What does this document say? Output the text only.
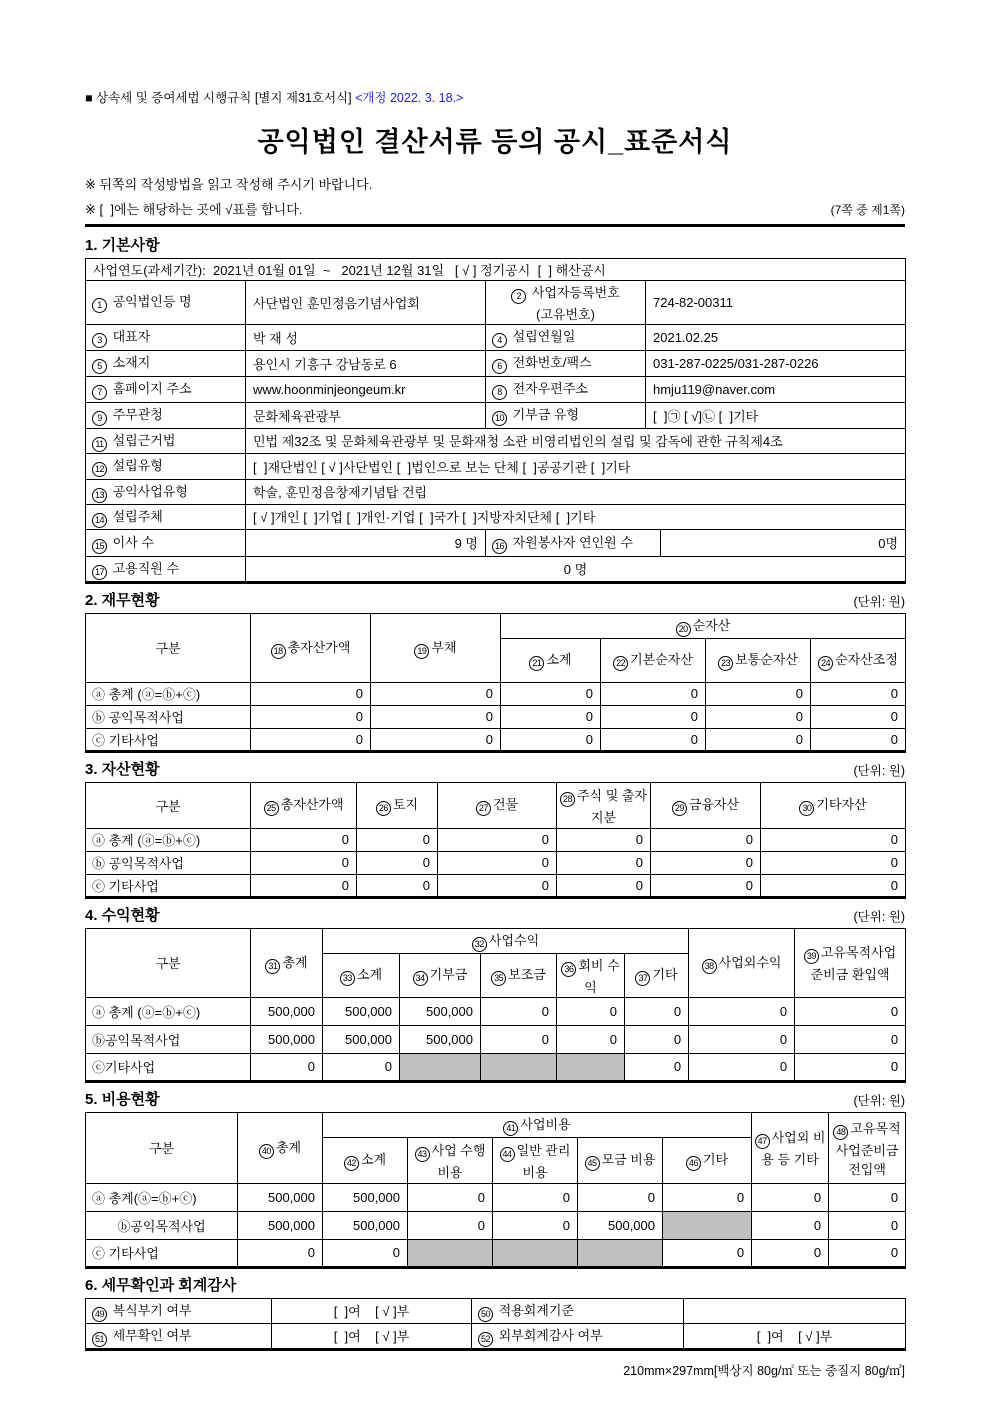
■ 상속세 및 증여세법 시행규칙 [별지 제31호서식] <개정 2022. 3. 18.>
공익법인 결산서류 등의 공시_표준서식
※ 뒤쪽의 작성방법을 읽고 작성해 주시기 바랍니다.
※ [  ]에는 해당하는 곳에 √표를 합니다.	(7쪽 중 제1쪽)
1. 기본사항
사업연도(과세기간):  2021년 01월 01일  ~   2021년 12월 31일   [ √ ] 정기공시  [  ] 해산공시				
1 공익법인등 명	사단법인 훈민정음기념사업회	2 사업자등록번호
(고유번호)	724-82-00311	
3 대표자	박 재 성	4 설립연월일	2021.02.25	
5 소재지	용인시 기흥구 강남동로 6	6 전화번호/팩스	031-287-0225/031-287-0226	
7 홈페이지 주소	www.hoonminjeongeum.kr	8 전자우편주소	hmju119@naver.com	
9 주무관청	문화체육관광부	10 기부금 유형	[  ]㉠ [ √]㉡ [  ]기타	
11 설립근거법	민법 제32조 및 문화체육관광부 및 문화재청 소관 비영리법인의 설립 및 감독에 관한 규칙제4조			
12 설립유형	[  ]재단법인 [ √ ]사단법인 [  ]법인으로 보는 단체 [  ]공공기관 [  ]기타			
13 공익사업유형	학술, 훈민정음창제기념탑 건립			
14 설립주체	[ √ ]개인 [  ]기업 [  ]개인·기업 [  ]국가 [  ]지방자치단체 [  ]기타			
15 이사 수	9 명	16 자원봉사자 연인원 수		0명
17 고용직원 수	0 명			
2. 재무현황	(단위: 원)
구분	18 총자산가액	19 부채	20 순자산			
			21 소계	22 기본순자산	23 보통순자산	24 순자산조정
ⓐ 총계 (ⓐ=ⓑ+ⓒ)	0	0	0	0	0	0
ⓑ 공익목적사업	0	0	0	0	0	0
ⓒ 기타사업	0	0	0	0	0	0
3. 자산현황	(단위: 원)
구분	25 총자산가액	26 토지	27 건물	28 주식 및 출자지분	29 금융자산	30 기타자산
ⓐ 총계 (ⓐ=ⓑ+ⓒ)	0	0	0	0	0	0
ⓑ 공익목적사업	0	0	0	0	0	0
ⓒ 기타사업	0	0	0	0	0	0
4. 수익현황	(단위: 원)
구분	31 총계	32 사업수익					38 사업외수익	39 고유목적사업 준비금 환입액
		33 소계	34 기부금	35 보조금	36 회비 수익	37 기타		
ⓐ 총계 (ⓐ=ⓑ+ⓒ)	500,000	500,000	500,000	0	0	0	0	0
ⓑ공익목적사업	500,000	500,000	500,000	0	0	0	0	0
ⓒ기타사업	0	0				0	0	0
5. 비용현황	(단위: 원)
구분	40 총계	41 사업비용					47 사업외 비용 등 기타	48 고유목적 사업준비금 전입액
		42 소계	43 사업 수행비용	44 일반 관리비용	45 모금 비용	46 기타		
ⓐ 총계(ⓐ=ⓑ+ⓒ)	500,000	500,000	0	0	0	0	0	0
ⓑ공익목적사업	500,000	500,000	0	0	500,000		0	0
ⓒ 기타사업	0	0				0	0	0
6. 세무확인과 회계감사
49 복식부기 여부	[  ]여    [ √ ]부	50 적용회계기준	
51 세무확인 여부	[  ]여    [ √ ]부	52 외부회계감사 여부	[  ]여    [ √ ]부
210mm×297mm[백상지 80g/㎡ 또는 중질지 80g/㎡]
